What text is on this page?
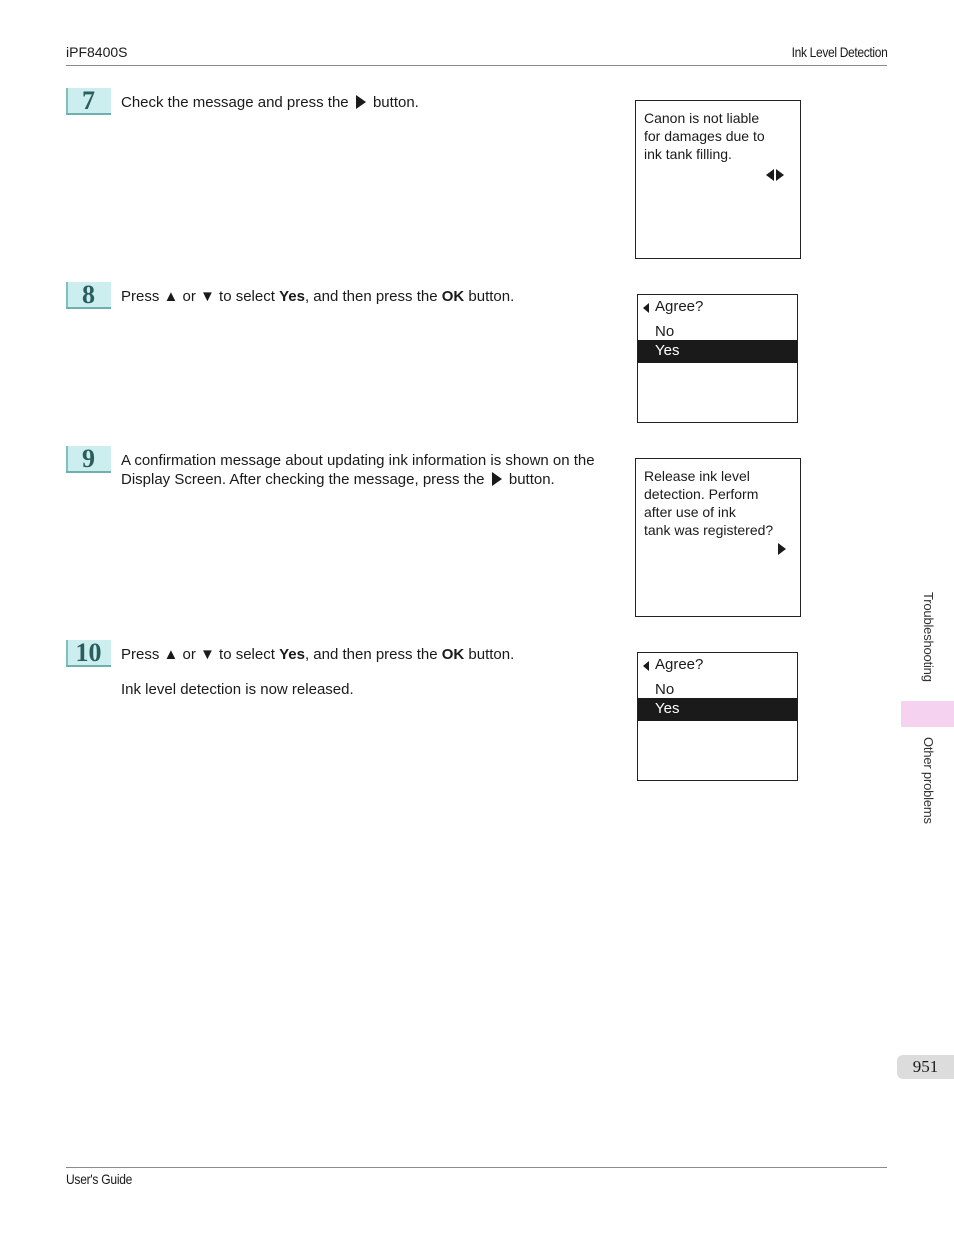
iPF8400S	Ink Level Detection
7	Check the message and press the  button.
Canon is not liable
for damages due to
ink tank filling.
8	Press ▲ or ▼ to select Yes, and then press the OK button.
Agree?
No
Yes
9	A confirmation message about updating ink information is shown on the Display Screen. After checking the message, press the  button.	Release ink level
detection. Perform
after use of ink
tank was registered?
10	Press ▲ or ▼ to select Yes, and then press the OK button.
Ink level detection is now released.
Agree?
No
Yes
Troubleshooting
Other problems
951
User's Guide
